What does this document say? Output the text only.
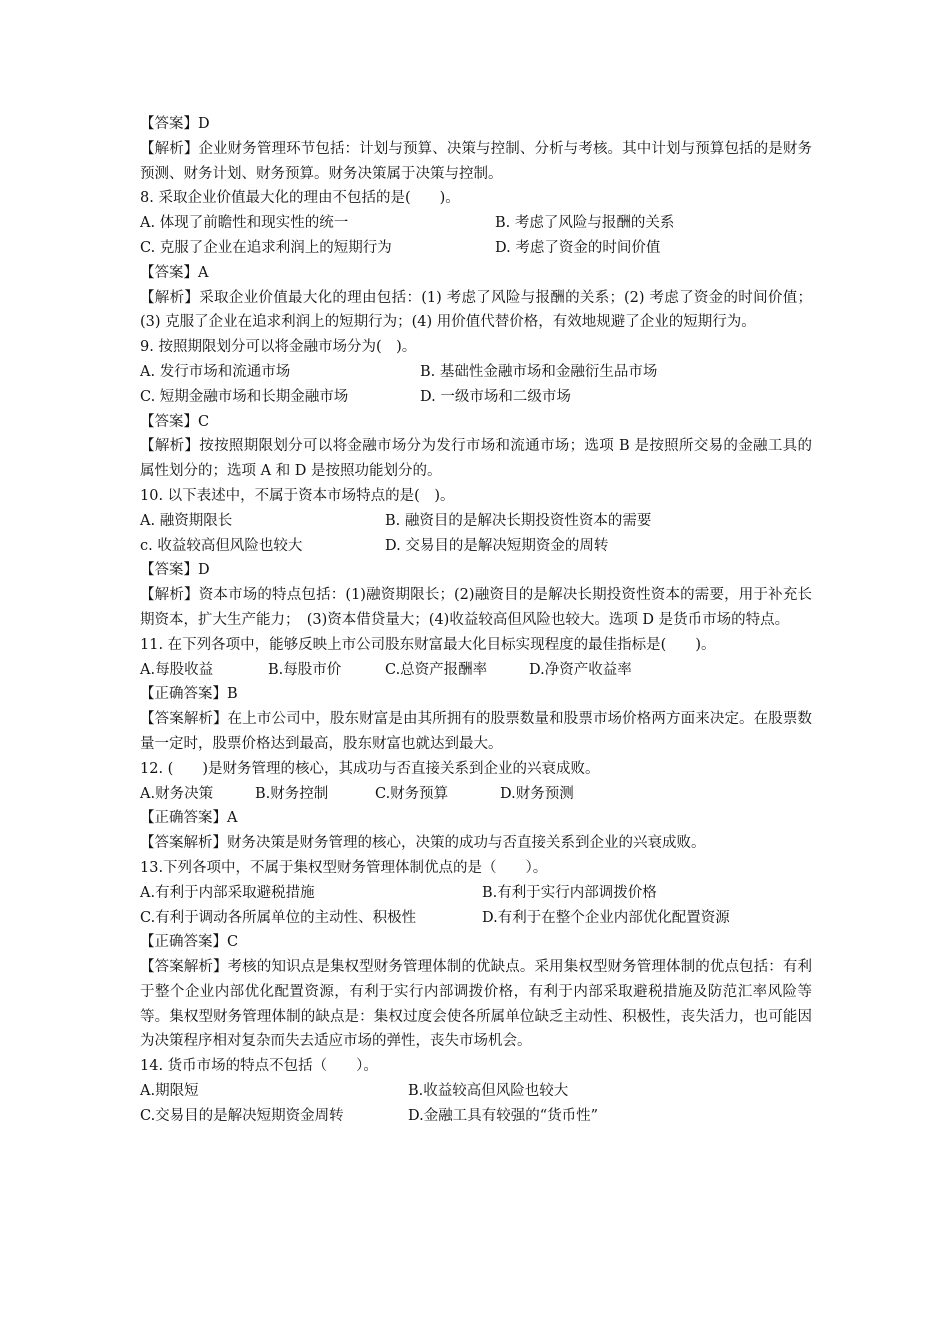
【答案】D
【解析】企业财务管理环节包括：计划与预算、决策与控制、分析与考核。其中计划与预算包括的是财务预测、财务计划、财务预算。财务决策属于决策与控制。
8. 采取企业价值最大化的理由不包括的是(　　)。
A. 体现了前瞻性和现实性的统一	B. 考虑了风险与报酬的关系
C. 克服了企业在追求利润上的短期行为	D. 考虑了资金的时间价值
【答案】A
【解析】采取企业价值最大化的理由包括：(1) 考虑了风险与报酬的关系；(2) 考虑了资金的时间价值；(3) 克服了企业在追求利润上的短期行为；(4) 用价值代替价格，有效地规避了企业的短期行为。
9. 按照期限划分可以将金融市场分为(　)。
A. 发行市场和流通市场	B. 基础性金融市场和金融衍生品市场
C. 短期金融市场和长期金融市场	D. 一级市场和二级市场
【答案】C
【解析】按按照期限划分可以将金融市场分为发行市场和流通市场；选项 B 是按照所交易的金融工具的属性划分的；选项 A 和 D 是按照功能划分的。
10. 以下表述中，不属于资本市场特点的是(　)。
A. 融资期限长	B. 融资目的是解决长期投资性资本的需要
c. 收益较高但风险也较大	D. 交易目的是解决短期资金的周转
【答案】D
【解析】资本市场的特点包括：(1)融资期限长；(2)融资目的是解决长期投资性资本的需要，用于补充长期资本，扩大生产能力；　(3)资本借贷量大；(4)收益较高但风险也较大。选项 D 是货币市场的特点。
11. 在下列各项中，能够反映上市公司股东财富最大化目标实现程度的最佳指标是(　　)。
A.每股收益	B.每股市价	C.总资产报酬率	D.净资产收益率
【正确答案】B
【答案解析】在上市公司中，股东财富是由其所拥有的股票数量和股票市场价格两方面来决定。在股票数量一定时，股票价格达到最高，股东财富也就达到最大。
12. (　　)是财务管理的核心，其成功与否直接关系到企业的兴衰成败。
A.财务决策	B.财务控制	C.财务预算	D.财务预测
【正确答案】A
【答案解析】财务决策是财务管理的核心，决策的成功与否直接关系到企业的兴衰成败。
13.下列各项中，不属于集权型财务管理体制优点的是（　　）。
A.有利于内部采取避税措施	B.有利于实行内部调拨价格
C.有利于调动各所属单位的主动性、积极性	D.有利于在整个企业内部优化配置资源
【正确答案】C
【答案解析】考核的知识点是集权型财务管理体制的优缺点。采用集权型财务管理体制的优点包括：有利于整个企业内部优化配置资源，有利于实行内部调拨价格，有利于内部采取避税措施及防范汇率风险等等。集权型财务管理体制的缺点是：集权过度会使各所属单位缺乏主动性、积极性，丧失活力，也可能因为决策程序相对复杂而失去适应市场的弹性，丧失市场机会。
14. 货币市场的特点不包括（　　）。
A.期限短	B.收益较高但风险也较大
C.交易目的是解决短期资金周转	D.金融工具有较强的“货币性”
